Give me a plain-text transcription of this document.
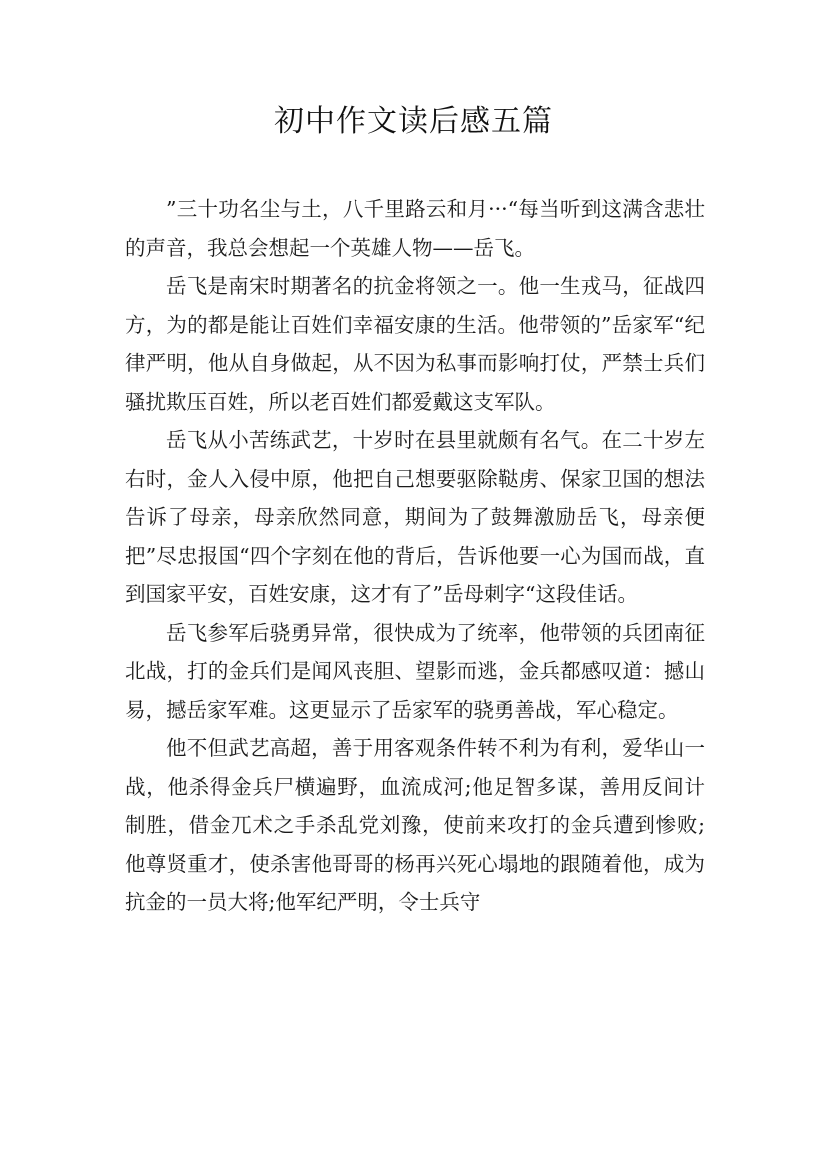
初中作文读后感五篇

”三十功名尘与土，八千里路云和月···“每当听到这满含悲壮的声音，我总会想起一个英雄人物——岳飞。

岳飞是南宋时期著名的抗金将领之一。他一生戎马，征战四方，为的都是能让百姓们幸福安康的生活。他带领的”岳家军“纪律严明，他从自身做起，从不因为私事而影响打仗，严禁士兵们骚扰欺压百姓，所以老百姓们都爱戴这支军队。

岳飞从小苦练武艺，十岁时在县里就颇有名气。在二十岁左右时，金人入侵中原，他把自己想要驱除鞑虏、保家卫国的想法告诉了母亲，母亲欣然同意，期间为了鼓舞激励岳飞，母亲便把”尽忠报国“四个字刻在他的背后，告诉他要一心为国而战，直到国家平安，百姓安康，这才有了”岳母刺字“这段佳话。

岳飞参军后骁勇异常，很快成为了统率，他带领的兵团南征北战，打的金兵们是闻风丧胆、望影而逃，金兵都感叹道：撼山易，撼岳家军难。这更显示了岳家军的骁勇善战，军心稳定。

他不但武艺高超，善于用客观条件转不利为有利，爱华山一战，他杀得金兵尸横遍野，血流成河;他足智多谋，善用反间计制胜，借金兀术之手杀乱党刘豫，使前来攻打的金兵遭到惨败;他尊贤重才，使杀害他哥哥的杨再兴死心塌地的跟随着他，成为抗金的一员大将;他军纪严明，令士兵守
